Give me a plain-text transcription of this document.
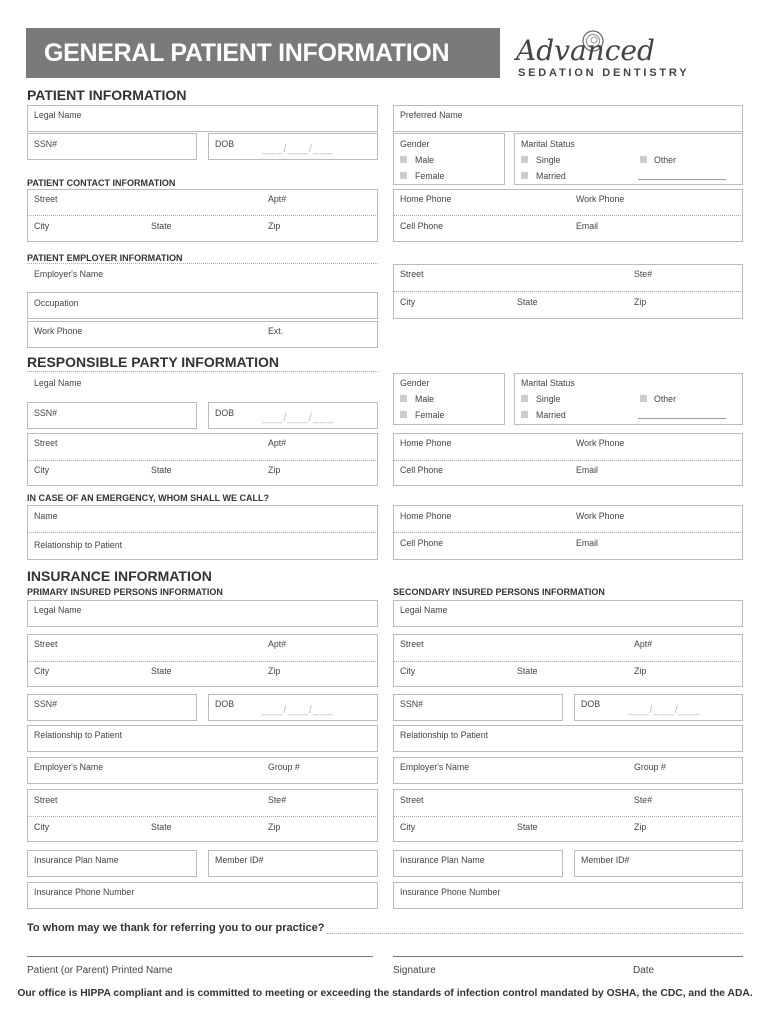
GENERAL PATIENT INFORMATION	Advanced
SEDATION DENTISTRY
PATIENT INFORMATION
Legal Name
SSN#	DOB	___/___/___
Preferred Name
Gender
Male
Female
Marital Status
Single
Married
Other
PATIENT CONTACT INFORMATION
Street	Apt#
City	State	Zip
Home Phone	Work Phone
Cell Phone	Email
PATIENT EMPLOYER INFORMATION
Employer's Name
Occupation
Work Phone	Ext.
Street	Ste#
City	State	Zip
RESPONSIBLE PARTY INFORMATION
Legal Name
SSN#	DOB	___/___/___
Gender
Male
Female
Marital Status
Single
Married
Other
Street	Apt#
City	State	Zip
Home Phone	Work Phone
Cell Phone	Email
IN CASE OF AN EMERGENCY, WHOM SHALL WE CALL?
Name
Relationship to Patient
Home Phone	Work Phone
Cell Phone	Email
INSURANCE INFORMATION
PRIMARY INSURED PERSONS INFORMATION	SECONDARY INSURED PERSONS INFORMATION
Legal Name
Street	Apt#
City	State	Zip
SSN#	DOB	___/___/___
Relationship to Patient
Employer's Name	Group #
Street	Ste#
City	State	Zip
Insurance Plan Name	Member ID#
Insurance Phone Number
Legal Name
Street	Apt#
City	State	Zip
SSN#	DOB	___/___/___
Relationship to Patient
Employer's Name	Group #
Street	Ste#
City	State	Zip
Insurance Plan Name	Member ID#
Insurance Phone Number
To whom may we thank for referring you to our practice?
Patient (or Parent) Printed Name	Signature	Date
Our office is HIPPA compliant and is committed to meeting or exceeding the standards of infection control mandated by OSHA, the CDC, and the ADA.
